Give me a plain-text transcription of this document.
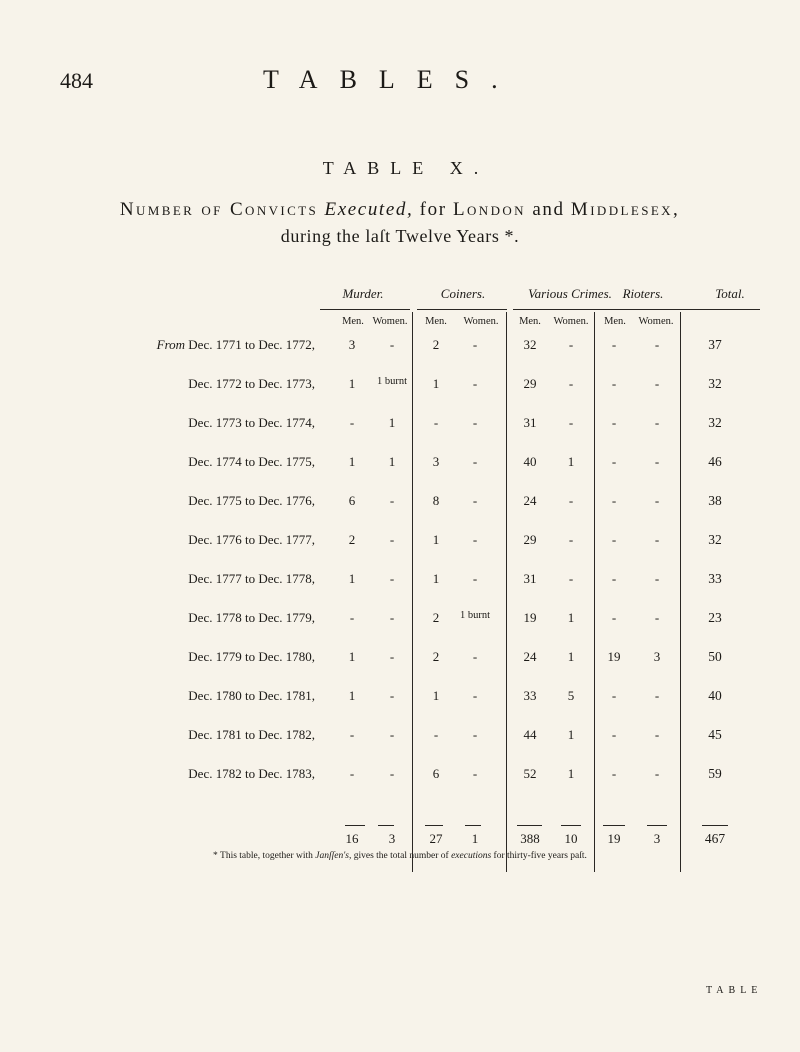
484	TABLES.
TABLE X.
Number of Convicts Executed, for London and Middlesex,
during the laſt Twelve Years *.
Murder.	Coiners.	Various Crimes. Rioters.	Total.
Men. Women.	Men.	Women.	Men.	Women.	Men.	Women.
From Dec. 1771 to Dec. 1772,	3	-	2	-	32	-	-	-	37
Dec. 1772 to Dec. 1773,	1	1 burnt	1	-	29	-	-	-	32
Dec. 1773 to Dec. 1774,	-	1	-	-	31	-	-	-	32
Dec. 1774 to Dec. 1775,	1	1	3	-	40	1	-	-	46
Dec. 1775 to Dec. 1776,	6	-	8	-	24	-	-	-	38
Dec. 1776 to Dec. 1777,	2	-	1	-	29	-	-	-	32
Dec. 1777 to Dec. 1778,	1	-	1	-	31	-	-	-	33
Dec. 1778 to Dec. 1779,	-	-	2	1 burnt	19	1	-	-	23
Dec. 1779 to Dec. 1780,	1	-	2	-	24	1	19	3	50
Dec. 1780 to Dec. 1781,	1	-	1	-	33	5	-	-	40
Dec. 1781 to Dec. 1782,	-	-	-	-	44	1	-	-	45
Dec. 1782 to Dec. 1783,	-	-	6	-	52	1	-	-	59
16	3	27	1	388	10	19	3	467
* This table, together with Janſſen's, gives the total number of executions for thirty-five years paſt.
TABLE
